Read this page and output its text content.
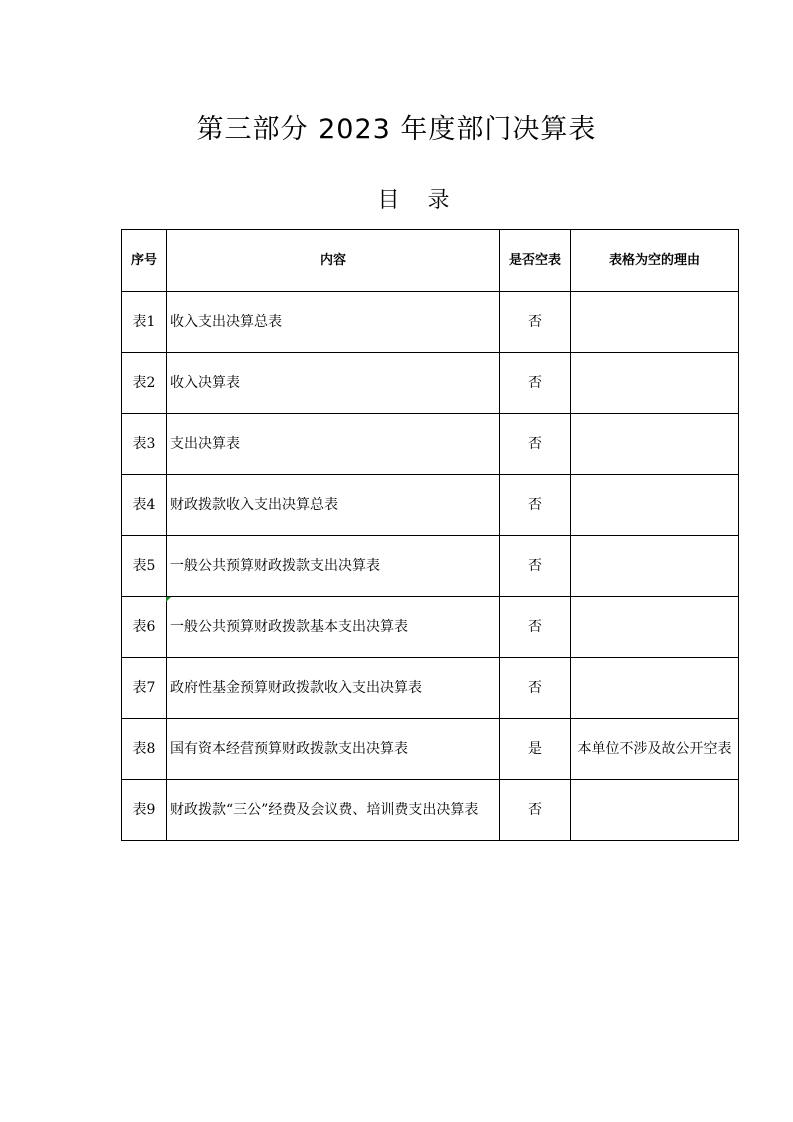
第三部分 2023 年度部门决算表
目录
序号	内容	是否空表	表格为空的理由
表1	收入支出决算总表	否	
表2	收入决算表	否	
表3	支出决算表	否	
表4	财政拨款收入支出决算总表	否	
表5	一般公共预算财政拨款支出决算表	否	
表6	一般公共预算财政拨款基本支出决算表	否	
表7	政府性基金预算财政拨款收入支出决算表	否	
表8	国有资本经营预算财政拨款支出决算表	是	本单位不涉及故公开空表
表9	财政拨款“三公”经费及会议费、培训费支出决算表	否	
